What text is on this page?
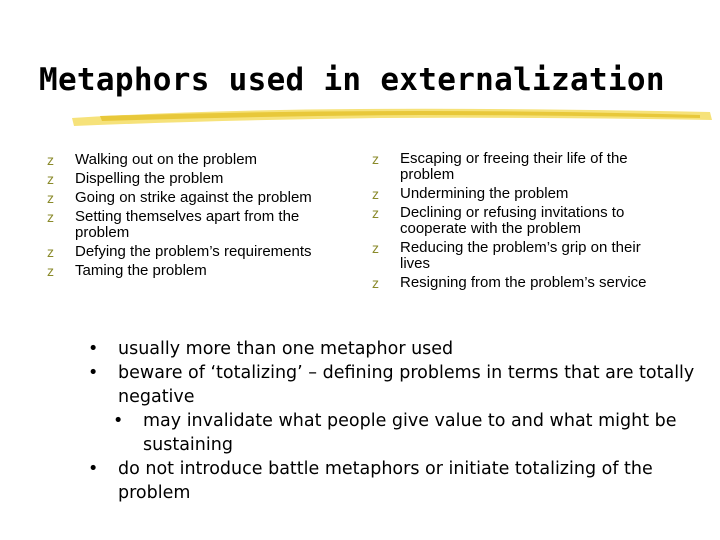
Metaphors used in externalization
z Walking out on the problem
z Dispelling the problem
z Going on strike against the problem
z Setting themselves apart from the problem
z Defying the problem’s requirements
z Taming the problem
z Escaping or freeing their life of the problem
z Undermining the problem
z Declining or refusing invitations to cooperate with the problem
z Reducing the problem’s grip on their lives
z Resigning from the problem’s service
• usually more than one metaphor used
• beware of ‘totalizing’ – defining problems in terms that are totally negative
• may invalidate what people give value to and what might be sustaining
• do not introduce battle metaphors or initiate totalizing of the problem
